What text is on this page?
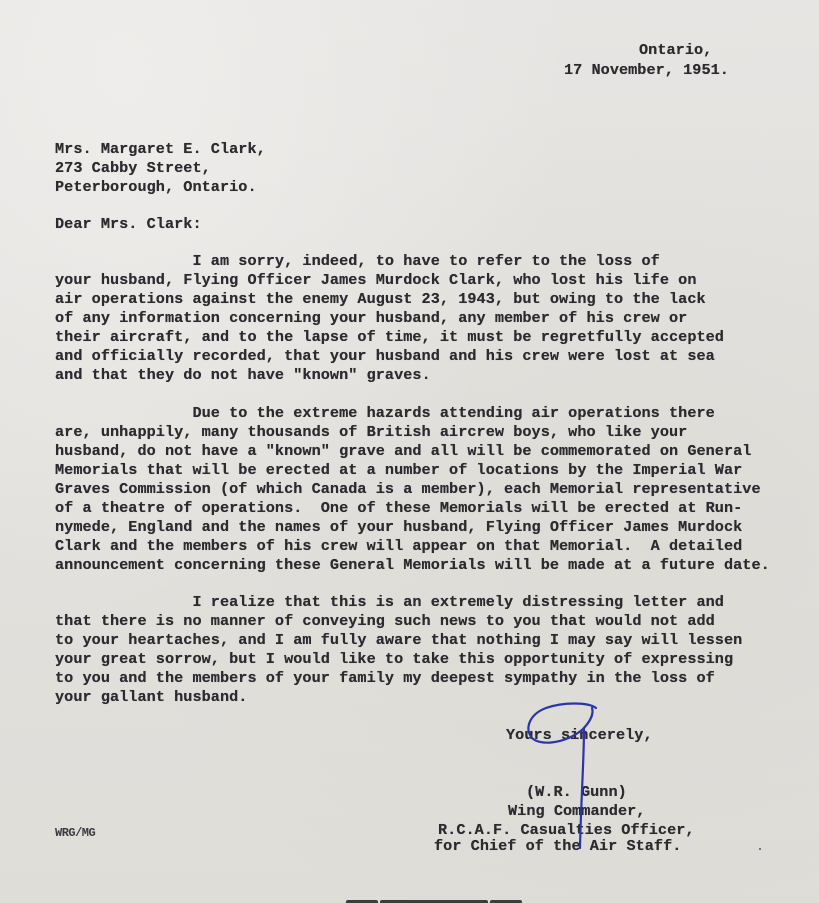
Ontario,
17 November, 1951.
Mrs. Margaret E. Clark,
273 Cabby Street,
Peterborough, Ontario.
Dear Mrs. Clark:
I am sorry, indeed, to have to refer to the loss of
your husband, Flying Officer James Murdock Clark, who lost his life on
air operations against the enemy August 23, 1943, but owing to the lack
of any information concerning your husband, any member of his crew or
their aircraft, and to the lapse of time, it must be regretfully accepted
and officially recorded, that your husband and his crew were lost at sea
and that they do not have "known" graves.
Due to the extreme hazards attending air operations there
are, unhappily, many thousands of British aircrew boys, who like your
husband, do not have a "known" grave and all will be commemorated on General
Memorials that will be erected at a number of locations by the Imperial War
Graves Commission (of which Canada is a member), each Memorial representative
of a theatre of operations.  One of these Memorials will be erected at Run-
nymede, England and the names of your husband, Flying Officer James Murdock
Clark and the members of his crew will appear on that Memorial.  A detailed
announcement concerning these General Memorials will be made at a future date.
I realize that this is an extremely distressing letter and
that there is no manner of conveying such news to you that would not add
to your heartaches, and I am fully aware that nothing I may say will lessen
your great sorrow, but I would like to take this opportunity of expressing
to you and the members of your family my deepest sympathy in the loss of
your gallant husband.
Yours sincerely,
(W.R. Gunn)
Wing Commander,
R.C.A.F. Casualties Officer,
for Chief of the Air Staff.
WRG/MG
